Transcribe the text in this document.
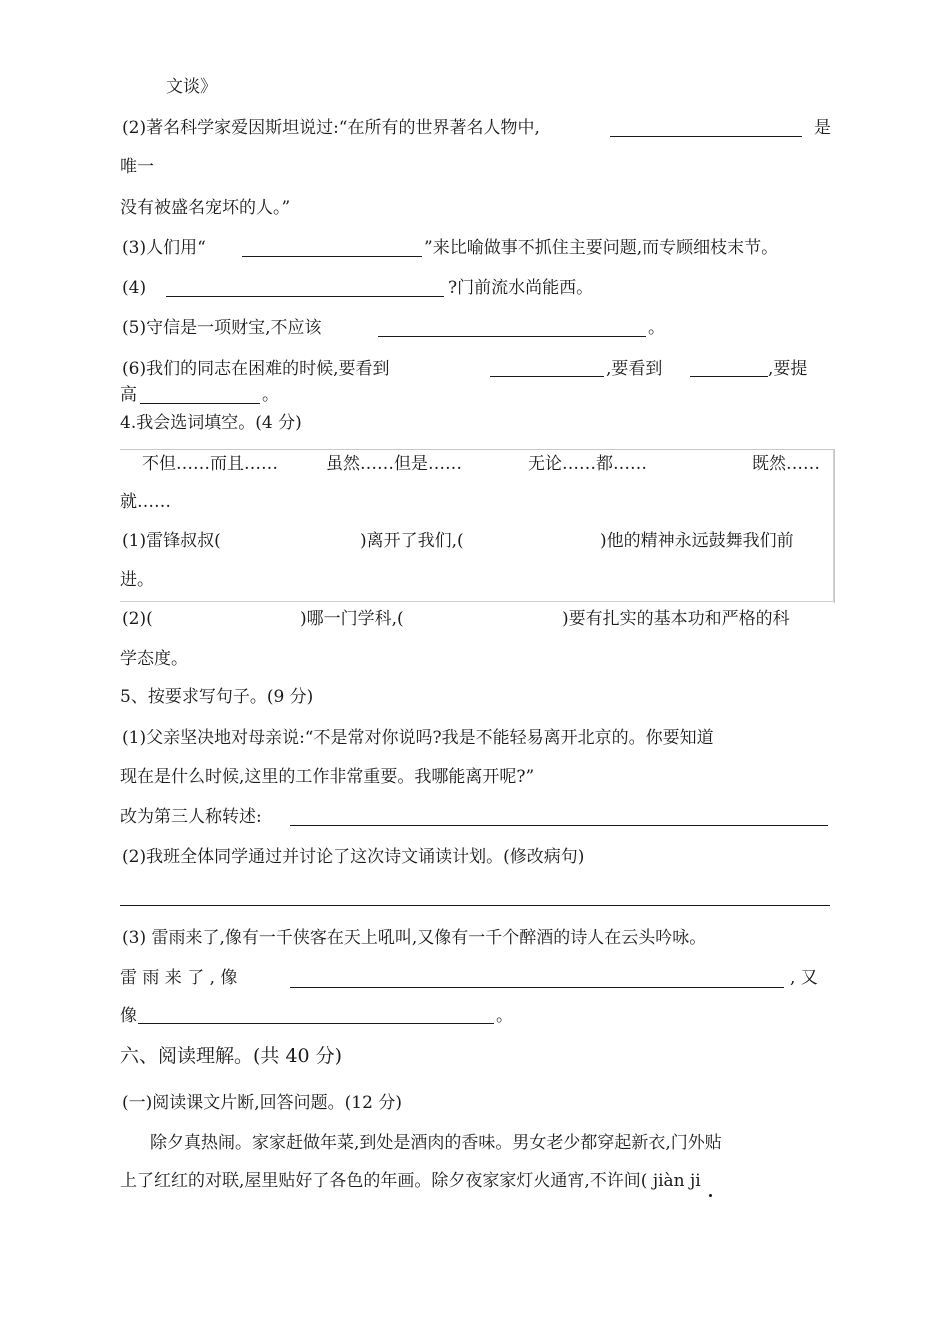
文谈》
(2)著名科学家爱因斯坦说过:“在所有的世界著名人物中,	是
唯一
没有被盛名宠坏的人。”
(3)人们用“	”来比喻做事不抓住主要问题,而专顾细枝末节。
(4)	?门前流水尚能西。
(5)守信是一项财宝,不应该	。
(6)我们的同志在困难的时候,要看到	,要看到	,要提
高	。
4.我会选词填空。(4 分)
不但……而且……	虽然……但是……	无论……都……	既然……
就……
(1)雷锋叔叔(	)离开了我们,(	)他的精神永远鼓舞我们前
进。
(2)(	)哪一门学科,(	)要有扎实的基本功和严格的科
学态度。
5、按要求写句子。(9 分)
(1)父亲坚决地对母亲说:“不是常对你说吗?我是不能轻易离开北京的。你要知道
现在是什么时候,这里的工作非常重要。我哪能离开呢?”
改为第三人称转述:
(2)我班全体同学通过并讨论了这次诗文诵读计划。(修改病句)
(3) 雷雨来了,像有一千侠客在天上吼叫,又像有一千个醉酒的诗人在云头吟咏。
雷 雨 来 了 , 像	, 又
像	。
六、阅读理解。(共 40 分)
(一)阅读课文片断,回答问题。(12 分)
除夕真热闹。家家赶做年菜,到处是酒肉的香味。男女老少都穿起新衣,门外贴
上了红红的对联,屋里贴好了各色的年画。除夕夜家家灯火通宵,不许间( jiàn ji
